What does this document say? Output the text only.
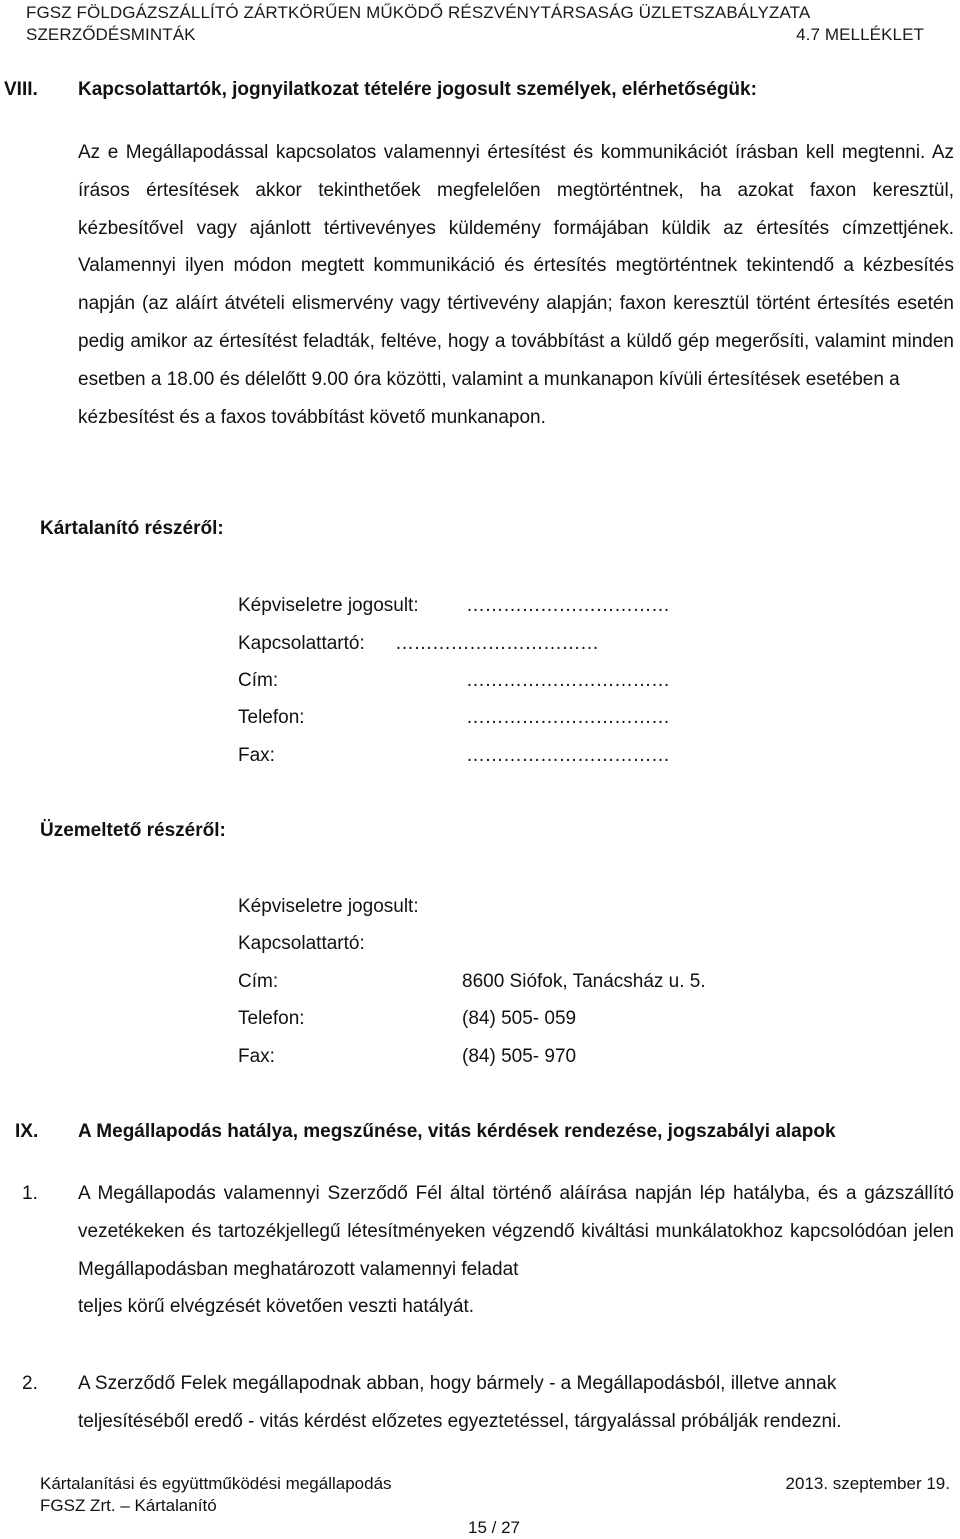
FGSZ FÖLDGÁZSZÁLLÍTÓ ZÁRTKÖRŰEN MŰKÖDŐ RÉSZVÉNYTÁRSASÁG ÜZLETSZABÁLYZATA
SZERZŐDÉSMINTÁK	4.7 MELLÉKLET
VIII. Kapcsolattartók, jognyilatkozat tételére jogosult személyek, elérhetőségük:
Az e Megállapodással kapcsolatos valamennyi értesítést és kommunikációt írásban kell megtenni. Az írásos értesítések akkor tekinthetőek megfelelően megtörténtnek, ha azokat faxon keresztül, kézbesítővel vagy ajánlott tértivevényes küldemény formájában küldik az értesítés címzettjének. Valamennyi ilyen módon megtett kommunikáció és értesítés megtörténtnek tekintendő a kézbesítés napján (az aláírt átvételi elismervény vagy tértivevény alapján; faxon keresztül történt értesítés esetén pedig amikor az értesítést feladták, feltéve, hogy a továbbítást a küldő gép megerősíti, valamint minden esetben a 18.00 és délelőtt 9.00 óra közötti, valamint a munkanapon kívüli értesítések esetében a
kézbesítést és a faxos továbbítást követő munkanapon.
Kártalanító részéről:
Képviseletre jogosult: ……………………………
Kapcsolattartó: ……………………………
Cím:	……………………………
Telefon:	……………………………
Fax:	……………………………
Üzemeltető részéről:
Képviseletre jogosult:
Kapcsolattartó:
Cím:	8600 Siófok, Tanácsház u. 5.
Telefon:	(84) 505- 059
Fax:	(84) 505- 970
IX. A Megállapodás hatálya, megszűnése, vitás kérdések rendezése, jogszabályi alapok
1. A Megállapodás valamennyi Szerződő Fél által történő aláírása napján lép hatályba, és a gázszállító vezetékeken és tartozékjellegű létesítményeken végzendő kiváltási munkálatokhoz kapcsolódóan jelen Megállapodásban meghatározott valamennyi feladat
teljes körű elvégzését követően veszti hatályát.
2. A Szerződő Felek megállapodnak abban, hogy bármely - a Megállapodásból, illetve annak
teljesítéséből eredő - vitás kérdést előzetes egyeztetéssel, tárgyalással próbálják rendezni.
Kártalanítási és együttműködési megállapodás	2013. szeptember 19.
FGSZ Zrt. – Kártalanító
15 / 27
